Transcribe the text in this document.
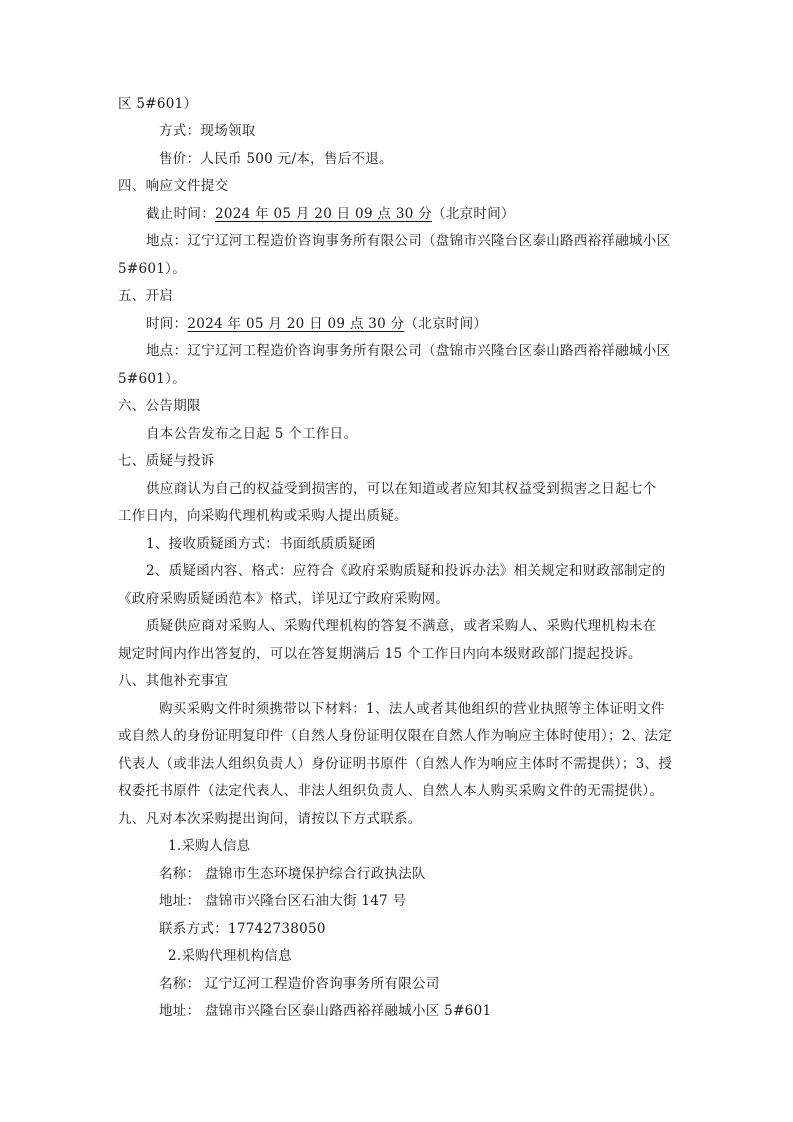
区 5#601）
方式：现场领取
售价：人民币 500 元/本，售后不退。
四、响应文件提交
截止时间：2024 年 05 月 20 日 09 点 30 分（北京时间）
地点：辽宁辽河工程造价咨询事务所有限公司（盘锦市兴隆台区泰山路西裕祥融城小区
5#601）。
五、开启
时间：2024 年 05 月 20 日 09 点 30 分（北京时间）
地点：辽宁辽河工程造价咨询事务所有限公司（盘锦市兴隆台区泰山路西裕祥融城小区
5#601）。
六、公告期限
自本公告发布之日起 5 个工作日。
七、质疑与投诉
供应商认为自己的权益受到损害的，可以在知道或者应知其权益受到损害之日起七个
工作日内，向采购代理机构或采购人提出质疑。
1、接收质疑函方式：书面纸质质疑函
2、质疑函内容、格式：应符合《政府采购质疑和投诉办法》相关规定和财政部制定的
《政府采购质疑函范本》格式，详见辽宁政府采购网。
质疑供应商对采购人、采购代理机构的答复不满意，或者采购人、采购代理机构未在
规定时间内作出答复的，可以在答复期满后 15 个工作日内向本级财政部门提起投诉。
八、其他补充事宜
购买采购文件时须携带以下材料：1、法人或者其他组织的营业执照等主体证明文件
或自然人的身份证明复印件（自然人身份证明仅限在自然人作为响应主体时使用）；2、法定
代表人（或非法人组织负责人）身份证明书原件（自然人作为响应主体时不需提供）；3、授
权委托书原件（法定代表人、非法人组织负责人、自然人本人购买采购文件的无需提供）。
九、凡对本次采购提出询问，请按以下方式联系。
1.采购人信息
名称： 盘锦市生态环境保护综合行政执法队
地址： 盘锦市兴隆台区石油大街 147 号
联系方式：17742738050
2.采购代理机构信息
名称： 辽宁辽河工程造价咨询事务所有限公司
地址： 盘锦市兴隆台区泰山路西裕祥融城小区 5#601
